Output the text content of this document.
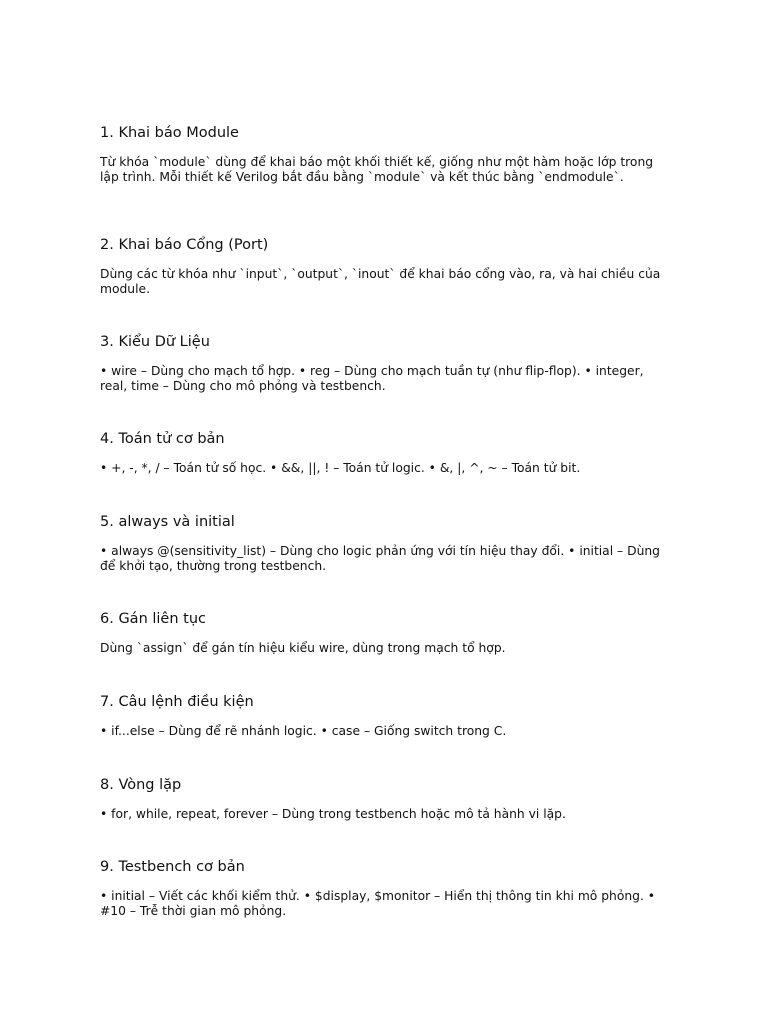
1. Khai báo Module

Từ khóa `module` dùng để khai báo một khối thiết kế, giống như một hàm hoặc lớp trong lập trình. Mỗi thiết kế Verilog bắt đầu bằng `module` và kết thúc bằng `endmodule`.

2. Khai báo Cổng (Port)

Dùng các từ khóa như `input`, `output`, `inout` để khai báo cổng vào, ra, và hai chiều của module.

3. Kiểu Dữ Liệu

• wire – Dùng cho mạch tổ hợp. • reg – Dùng cho mạch tuần tự (như flip-flop). • integer, real, time – Dùng cho mô phỏng và testbench.

4. Toán tử cơ bản

• +, -, *, / – Toán tử số học. • &&, ||, ! – Toán tử logic. • &, |, ^, ~ – Toán tử bit.

5. always và initial

• always @(sensitivity_list) – Dùng cho logic phản ứng với tín hiệu thay đổi. • initial – Dùng để khởi tạo, thường trong testbench.

6. Gán liên tục

Dùng `assign` để gán tín hiệu kiểu wire, dùng trong mạch tổ hợp.

7. Câu lệnh điều kiện

• if...else – Dùng để rẽ nhánh logic. • case – Giống switch trong C.

8. Vòng lặp

• for, while, repeat, forever – Dùng trong testbench hoặc mô tả hành vi lặp.

9. Testbench cơ bản

• initial – Viết các khối kiểm thử. • $display, $monitor – Hiển thị thông tin khi mô phỏng. • #10 – Trễ thời gian mô phỏng.
